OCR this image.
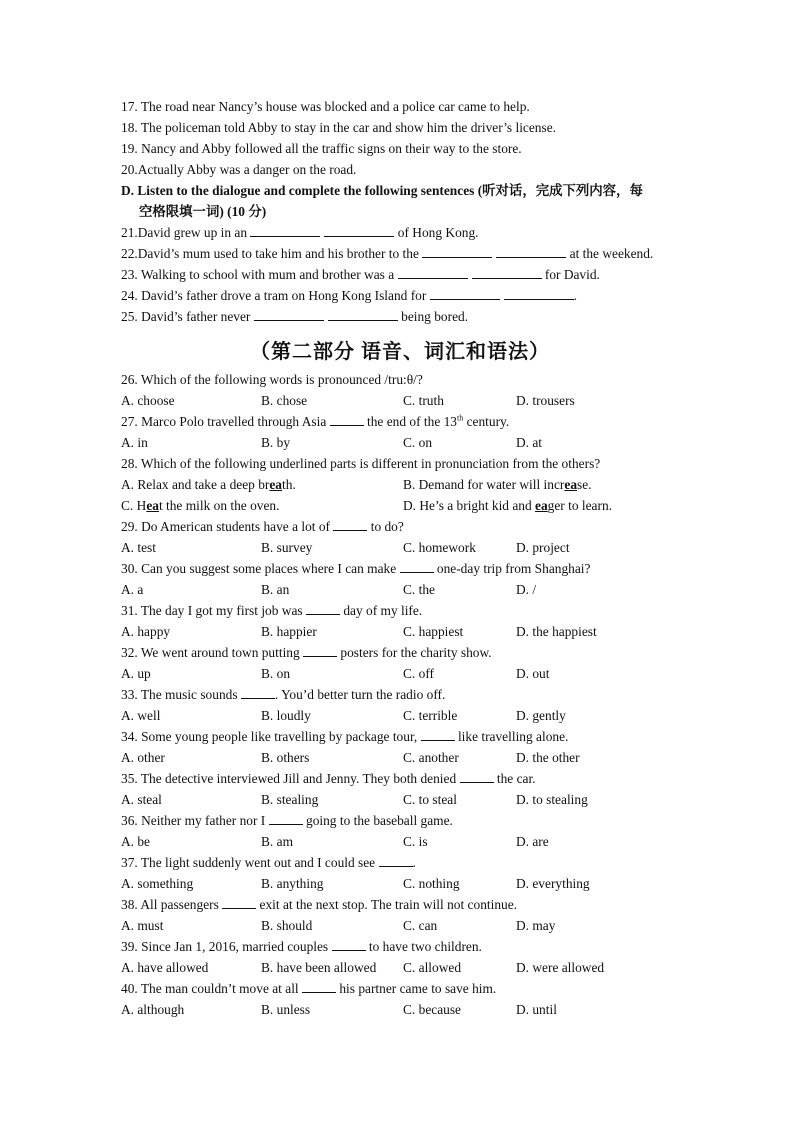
17. The road near Nancy’s house was blocked and a police car came to help.
18. The policeman told Abby to stay in the car and show him the driver’s license.
19. Nancy and Abby followed all the traffic signs on their way to the store.
20.Actually Abby was a danger on the road.
D. Listen to the dialogue and complete the following sentences (听对话，完成下列内容，每
空格限填一词) (10 分)
21.David grew up in an	of Hong Kong.
22.David’s mum used to take him and his brother to the	at the weekend.
23. Walking to school with mum and brother was a	for David.
24. David’s father drove a tram on Hong Kong Island for	.
25. David’s father never	being bored.
（第二部分 语音、词汇和语法）
26. Which of the following words is pronounced /tru:θ/?
A. choose	B. chose	C. truth	D. trousers
27. Marco Polo travelled through Asia	the end of the 13th century.
A. in	B. by	C. on	D. at
28. Which of the following underlined parts is different in pronunciation from the others?
A. Relax and take a deep breath.	B. Demand for water will increase.
C. Heat the milk on the oven.	D. He’s a bright kid and eager to learn.
29. Do American students have a lot of	to do?
A. test	B. survey	C. homework	D. project
30. Can you suggest some places where I can make	one-day trip from Shanghai?
A. a	B. an	C. the	D. /
31. The day I got my first job was	day of my life.
A. happy	B. happier	C. happiest	D. the happiest
32. We went around town putting	posters for the charity show.
A. up	B. on	C. off	D. out
33. The music sounds	. You’d better turn the radio off.
A. well	B. loudly	C. terrible	D. gently
34. Some young people like travelling by package tour,	like travelling alone.
A. other	B. others	C. another	D. the other
35. The detective interviewed Jill and Jenny. They both denied	the car.
A. steal	B. stealing	C. to steal	D. to stealing
36. Neither my father nor I	going to the baseball game.
A. be	B. am	C. is	D. are
37. The light suddenly went out and I could see	.
A. something	B. anything	C. nothing	D. everything
38. All passengers	exit at the next stop. The train will not continue.
A. must	B. should	C. can	D. may
39. Since Jan 1, 2016, married couples	to have two children.
A. have allowed	B. have been allowed C. allowed	D. were allowed
40. The man couldn’t move at all	his partner came to save him.
A. although	B. unless	C. because	D. until
